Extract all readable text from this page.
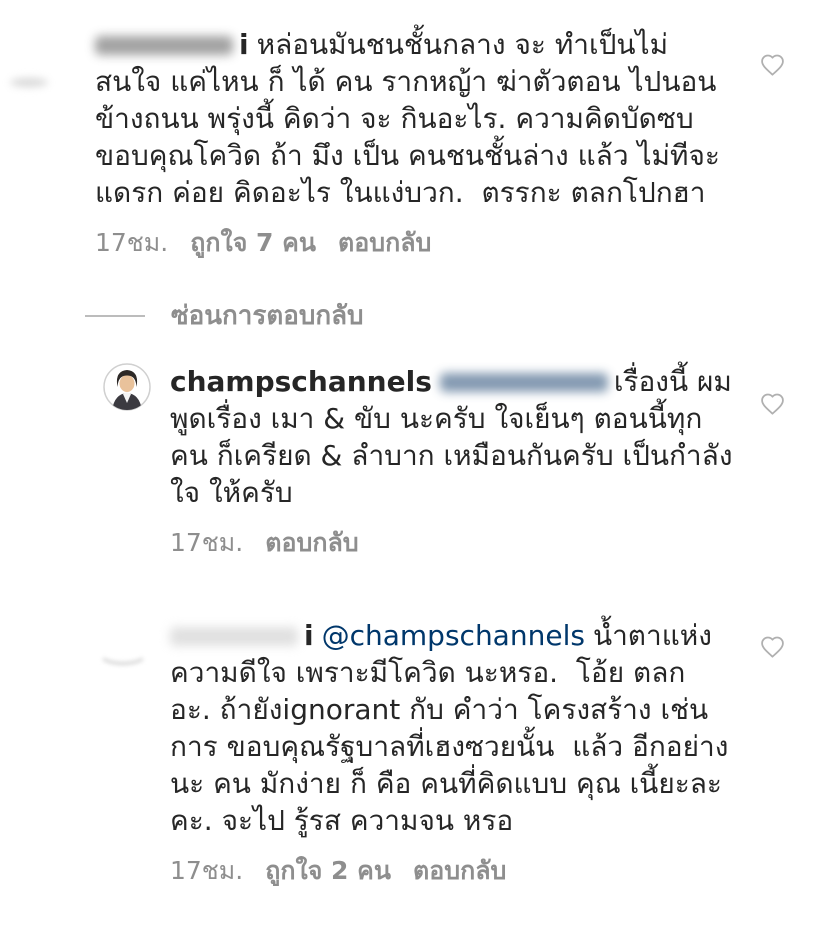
i หล่อนมันชนชั้นกลาง จะ ทำเป็นไม่สนใจ แค่ไหน ก็ ได้ คน รากหญ้า ฆ่าตัวตอน ไปนอนข้างถนน พรุ่งนี้ คิดว่า จะ กินอะไร. ความคิดบัดซบ  ขอบคุณโควิด ถ้า มึง เป็น คนชนชั้นล่าง แล้ว ไม่ทีจะแดรก ค่อย คิดอะไร ในแง่บวก.  ตรรกะ ตลกโปกฮา
17ชม. ถูกใจ 7 คน ตอบกลับ
ซ่อนการตอบกลับ
champschannels	เรื่องนี้ ผม พูดเรื่อง เมา & ขับ นะครับ ใจเย็นๆ ตอนนี้ทุกคน ก็เครียด & ลำบาก เหมือนกันครับ เป็นกำลังใจ ให้ครับ
17ชม. ตอบกลับ
i @champschannels น้ำตาแห่ง ความดีใจ เพราะมีโควิด นะหรอ.  โอ้ย ตลก อะ. ถ้ายังignorant กับ คำว่า โครงสร้าง เช่น การ ขอบคุณรัฐบาลที่เฮงซวยนั้น  แล้ว อีกอย่างนะ คน มักง่าย ก็ คือ คนที่คิดแบบ คุณ เนี้ยะละคะ. จะไป รู้รส ความจน หรอ
17ชม. ถูกใจ 2 คน ตอบกลับ
